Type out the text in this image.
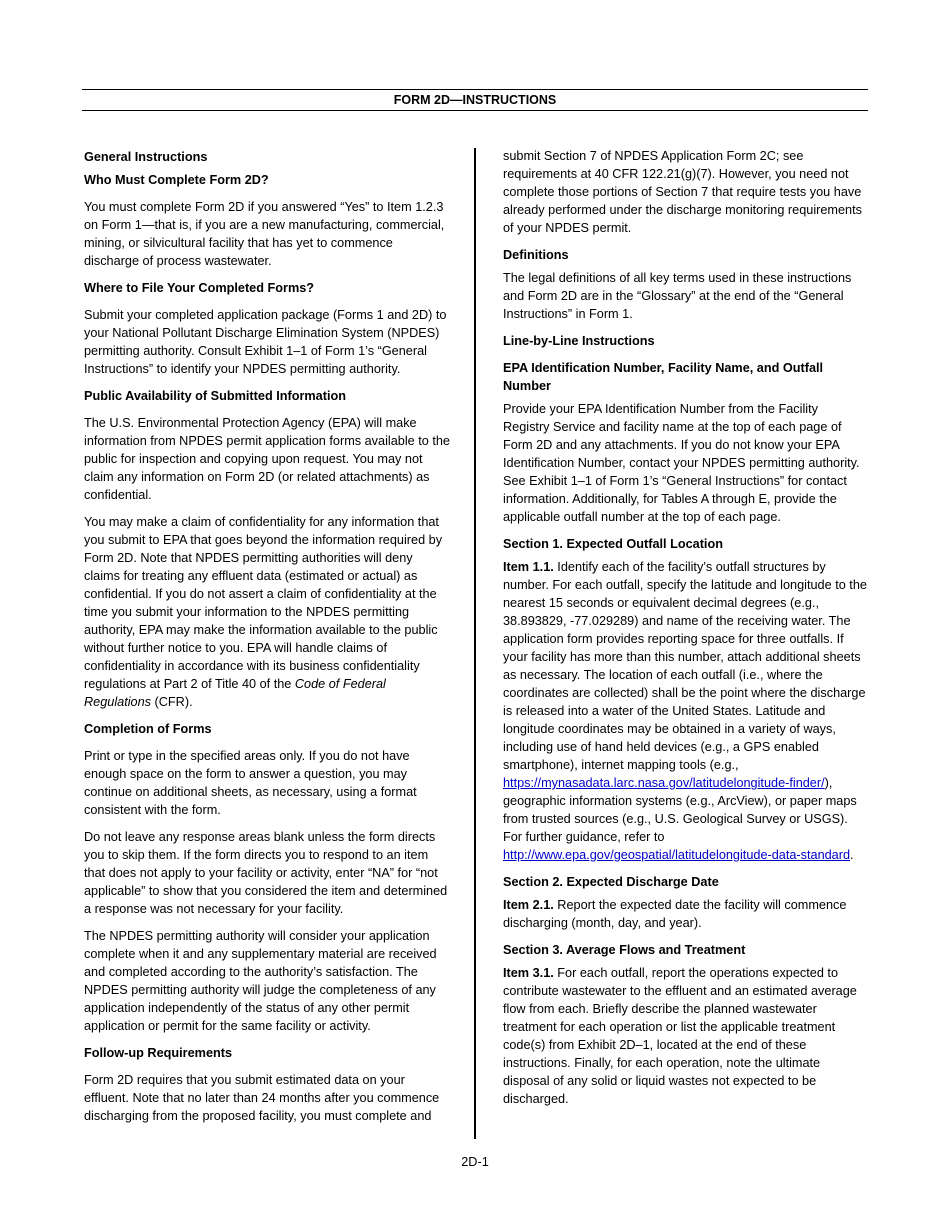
FORM 2D—INSTRUCTIONS
General Instructions
Who Must Complete Form 2D?

You must complete Form 2D if you answered “Yes” to Item 1.2.3 on Form 1—that is, if you are a new manufacturing, commercial, mining, or silvicultural facility that has yet to commence discharge of process wastewater.

Where to File Your Completed Forms?

Submit your completed application package (Forms 1 and 2D) to your National Pollutant Discharge Elimination System (NPDES) permitting authority. Consult Exhibit 1–1 of Form 1’s “General Instructions” to identify your NPDES permitting authority.

Public Availability of Submitted Information

The U.S. Environmental Protection Agency (EPA) will make information from NPDES permit application forms available to the public for inspection and copying upon request. You may not claim any information on Form 2D (or related attachments) as confidential.

You may make a claim of confidentiality for any information that you submit to EPA that goes beyond the information required by Form 2D. Note that NPDES permitting authorities will deny claims for treating any effluent data (estimated or actual) as confidential. If you do not assert a claim of confidentiality at the time you submit your information to the NPDES permitting authority, EPA may make the information available to the public without further notice to you. EPA will handle claims of confidentiality in accordance with its business confidentiality regulations at Part 2 of Title 40 of the Code of Federal Regulations (CFR).

Completion of Forms

Print or type in the specified areas only. If you do not have enough space on the form to answer a question, you may continue on additional sheets, as necessary, using a format consistent with the form.

Do not leave any response areas blank unless the form directs you to skip them. If the form directs you to respond to an item that does not apply to your facility or activity, enter “NA” for “not applicable” to show that you considered the item and determined a response was not necessary for your facility.

The NPDES permitting authority will consider your application complete when it and any supplementary material are received and completed according to the authority’s satisfaction. The NPDES permitting authority will judge the completeness of any application independently of the status of any other permit application or permit for the same facility or activity.

Follow-up Requirements

Form 2D requires that you submit estimated data on your effluent. Note that no later than 24 months after you commence discharging from the proposed facility, you must complete and

submit Section 7 of NPDES Application Form 2C; see requirements at 40 CFR 122.21(g)(7). However, you need not complete those portions of Section 7 that require tests you have already performed under the discharge monitoring requirements of your NPDES permit.

Definitions

The legal definitions of all key terms used in these instructions and Form 2D are in the “Glossary” at the end of the “General Instructions” in Form 1.

Line-by-Line Instructions
EPA Identification Number, Facility Name, and Outfall Number

Provide your EPA Identification Number from the Facility Registry Service and facility name at the top of each page of Form 2D and any attachments. If you do not know your EPA Identification Number, contact your NPDES permitting authority. See Exhibit 1–1 of Form 1’s “General Instructions” for contact information. Additionally, for Tables A through E, provide the applicable outfall number at the top of each page.

Section 1. Expected Outfall Location

Item 1.1. Identify each of the facility’s outfall structures by number. For each outfall, specify the latitude and longitude to the nearest 15 seconds or equivalent decimal degrees (e.g., 38.893829, -77.029289) and name of the receiving water. The application form provides reporting space for three outfalls. If your facility has more than this number, attach additional sheets as necessary. The location of each outfall (i.e., where the coordinates are collected) shall be the point where the discharge is released into a water of the United States. Latitude and longitude coordinates may be obtained in a variety of ways, including use of hand held devices (e.g., a GPS enabled smartphone), internet mapping tools (e.g., https://mynasadata.larc.nasa.gov/latitudelongitude-finder/), geographic information systems (e.g., ArcView), or paper maps from trusted sources (e.g., U.S. Geological Survey or USGS). For further guidance, refer to http://www.epa.gov/geospatial/latitudelongitude-data-standard.

Section 2. Expected Discharge Date

Item 2.1. Report the expected date the facility will commence discharging (month, day, and year).

Section 3. Average Flows and Treatment

Item 3.1. For each outfall, report the operations expected to contribute wastewater to the effluent and an estimated average flow from each. Briefly describe the planned wastewater treatment for each operation or list the applicable treatment code(s) from Exhibit 2D–1, located at the end of these instructions. Finally, for each operation, note the ultimate disposal of any solid or liquid wastes not expected to be discharged.

2D-1
